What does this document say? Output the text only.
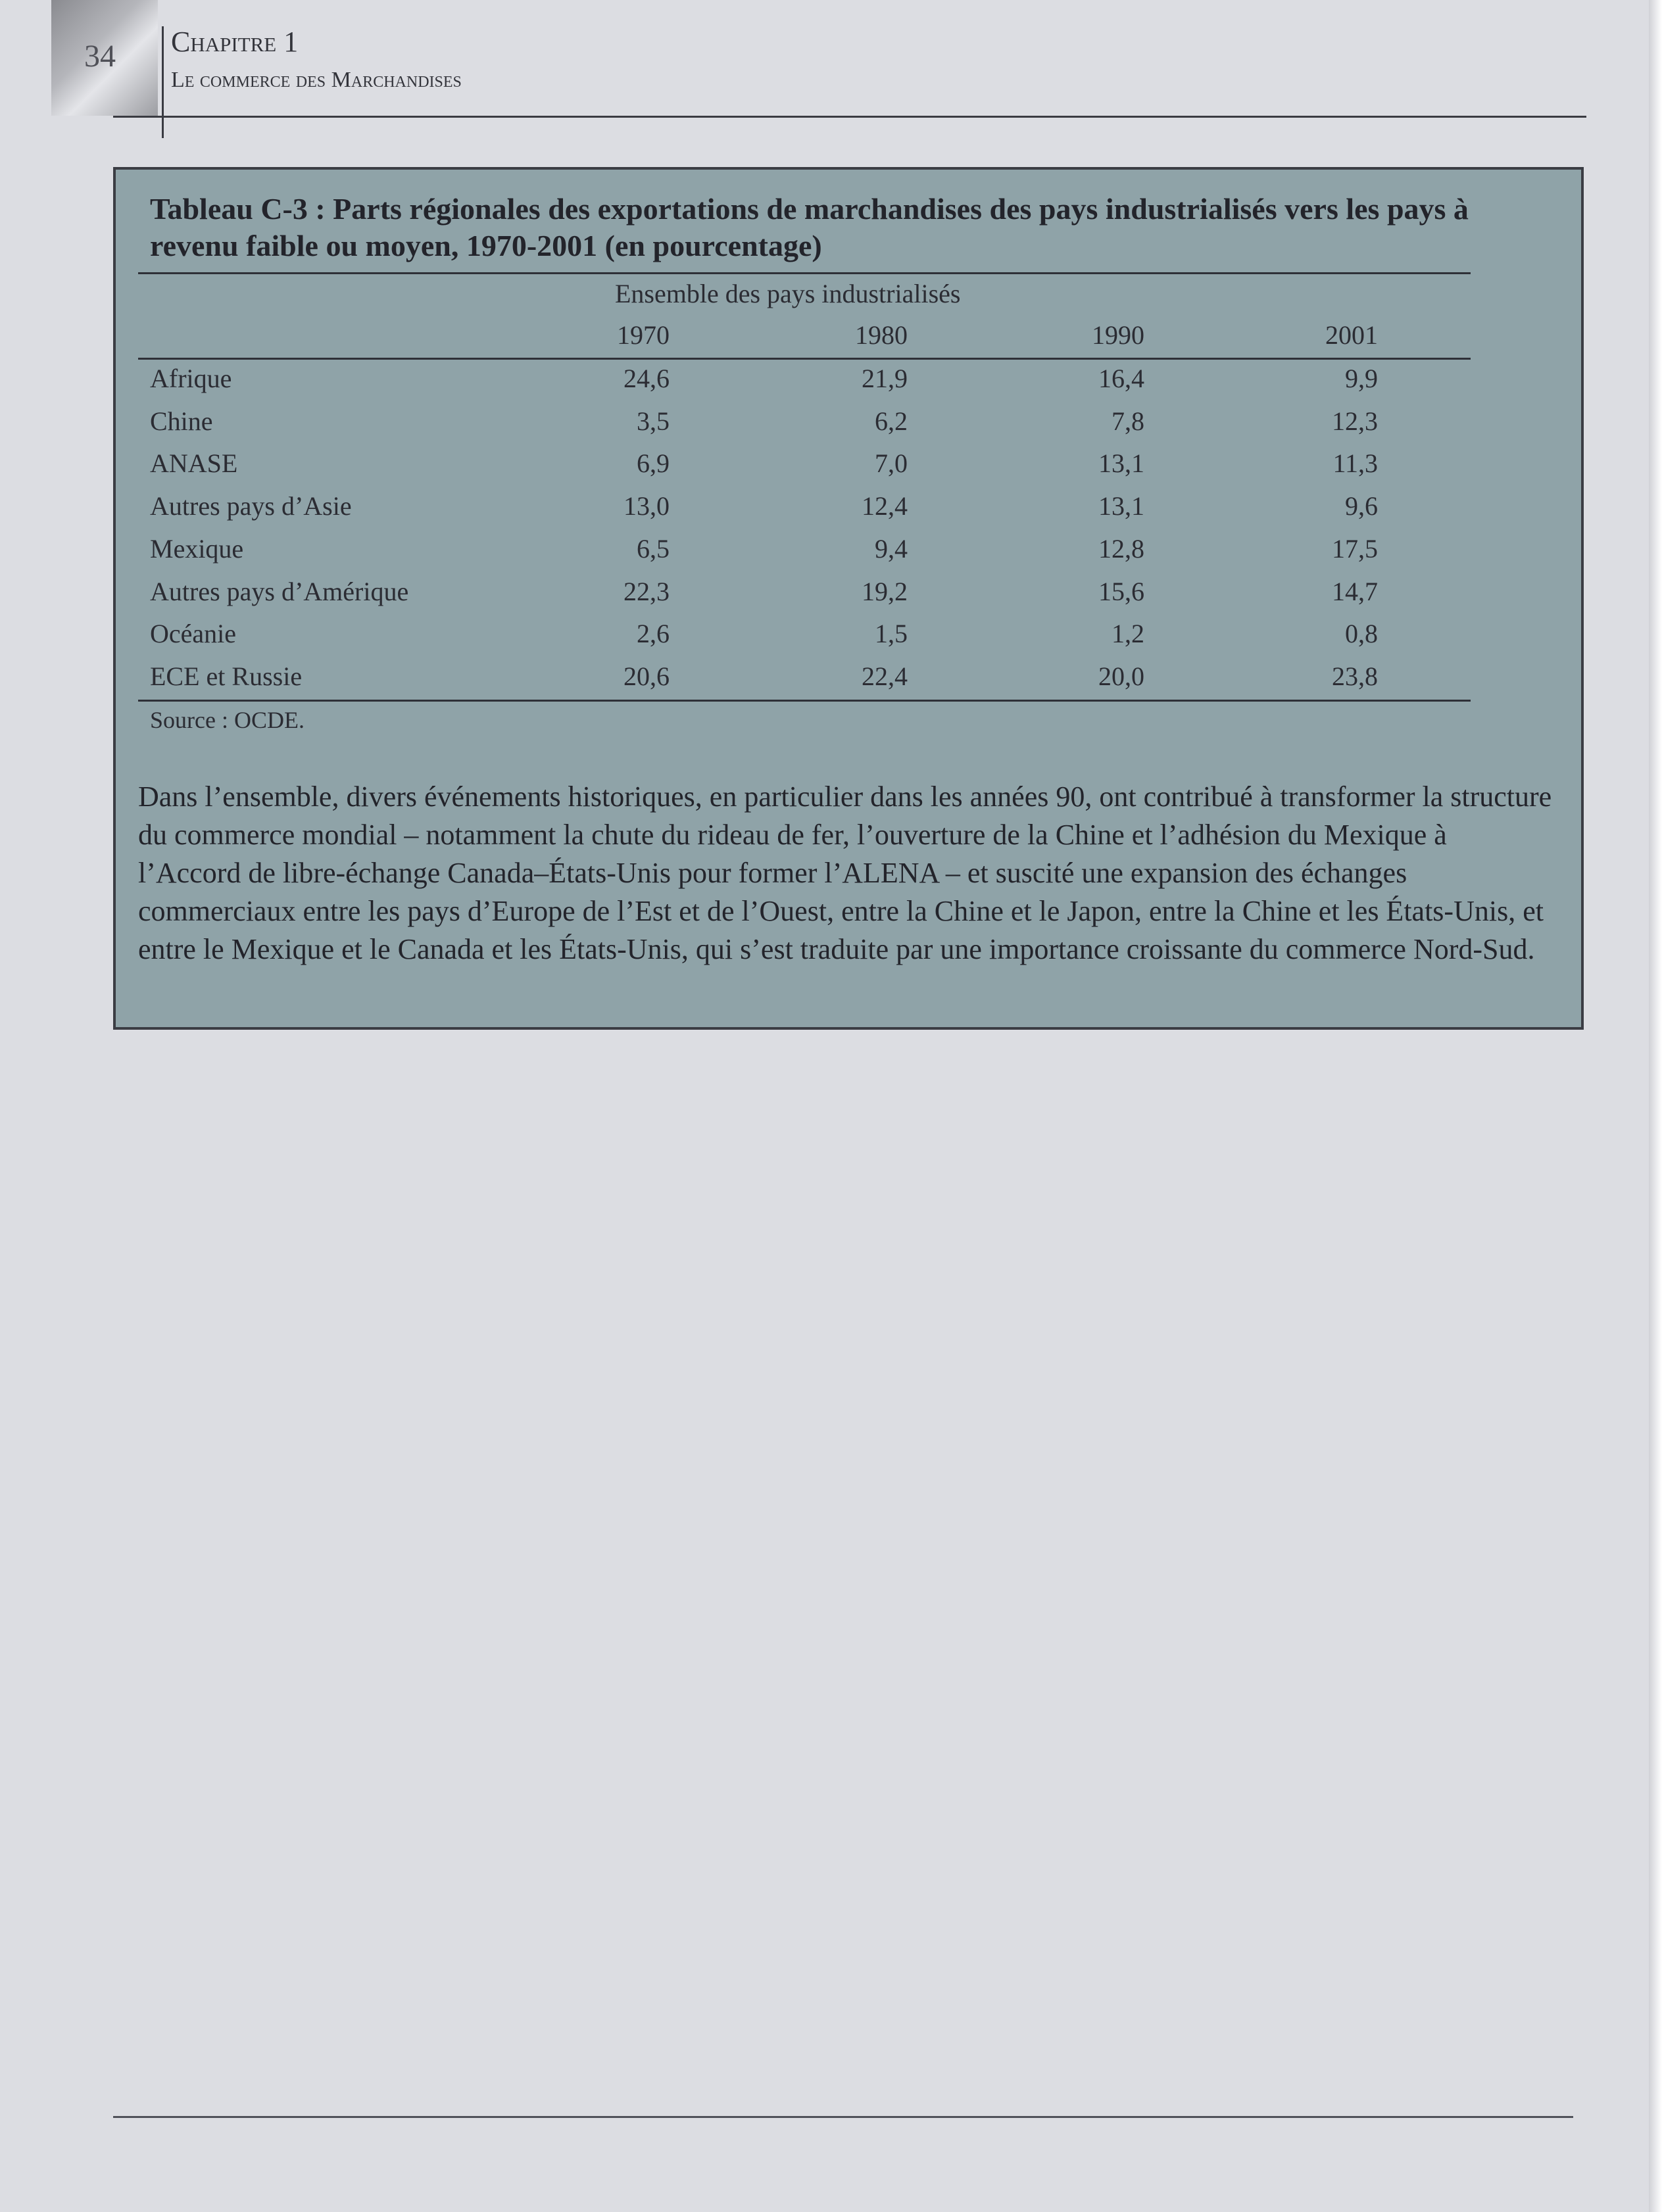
34 Chapitre 1
Le commerce des Marchandises
Tableau C-3 : Parts régionales des exportations de marchandises des pays industrialisés vers les pays à revenu faible ou moyen, 1970-2001 (en pourcentage)
Ensemble des pays industrialisés
1970	1980	1990	2001
Afrique	24,6	21,9	16,4	9,9
Chine	3,5	6,2	7,8	12,3
ANASE	6,9	7,0	13,1	11,3
Autres pays d’Asie	13,0	12,4	13,1	9,6
Mexique	6,5	9,4	12,8	17,5
Autres pays d’Amérique	22,3	19,2	15,6	14,7
Océanie	2,6	1,5	1,2	0,8
ECE et Russie	20,6	22,4	20,0	23,8
Source : OCDE.
Dans l’ensemble, divers événements historiques, en particulier dans les années 90, ont contribué à transformer la structure du commerce mondial – notamment la chute du rideau de fer, l’ouverture de la Chine et l’adhésion du Mexique à l’Accord de libre-échange Canada–États-Unis pour former l’ALENA – et suscité une expansion des échanges commerciaux entre les pays d’Europe de l’Est et de l’Ouest, entre la Chine et le Japon, entre la Chine et les États-Unis, et entre le Mexique et le Canada et les États-Unis, qui s’est traduite par une importance croissante du commerce Nord-Sud.
